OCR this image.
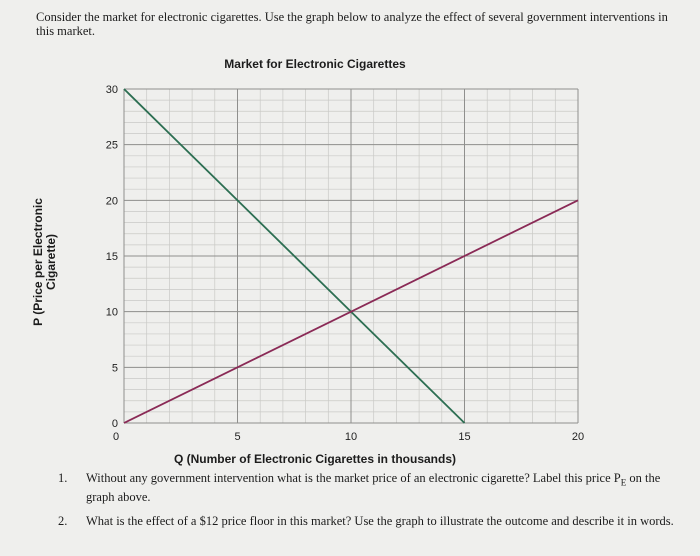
Consider the market for electronic cigarettes. Use the graph below to analyze the effect of several government interventions in this market.
Market for Electronic Cigarettes
0	5	10	15	20
0
5
10
15
20
25
30
P (Price per Electronic Cigarette)
Q (Number of Electronic Cigarettes in thousands)
1. Without any government intervention what is the market price of an electronic cigarette? Label this price $P_E$ on the graph above.
2. What is the effect of a $12 price floor in this market? Use the graph to illustrate the outcome and describe it in words.
